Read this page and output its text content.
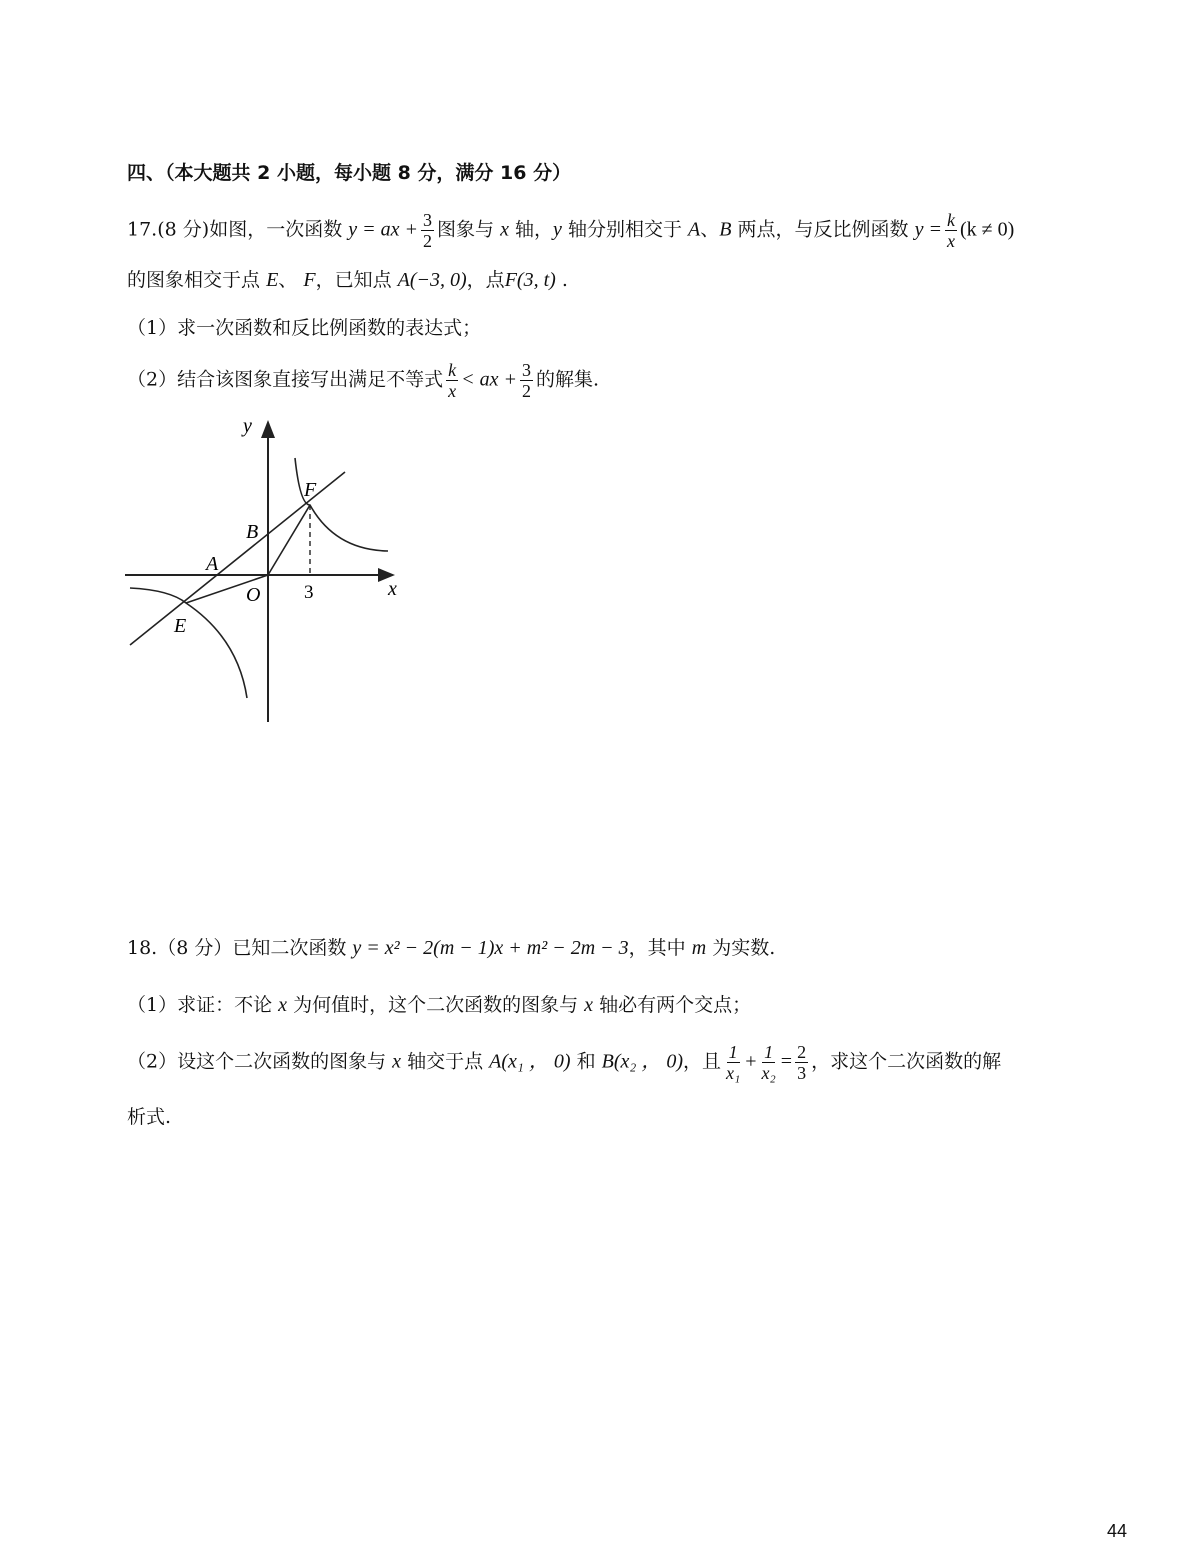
四、（本大题共 2 小题，每小题 8 分，满分 16 分）
17.(8 分)如图，一次函数 y = ax + $\frac{3}{2}$ 图象与 x 轴，y 轴分别相交于 A、B 两点，与反比例函数 $y = \frac{k}{x} (k \ne 0)$
的图象相交于点 E、 F，已知点 A(−3, 0)，点F(3, t) .
（1）求一次函数和反比例函数的表达式；
（2）结合该图象直接写出满足不等式 $\frac{k}{x}$ < ax + $\frac{3}{2}$ 的解集.
y
x
O
A
B
E
F
3
18.（8 分）已知二次函数 y = x² − 2(m − 1)x + m² − 2m − 3，其中 m 为实数.
（1）求证：不论 x 为何值时，这个二次函数的图象与 x 轴必有两个交点；
（2）设这个二次函数的图象与 x 轴交于点 A(x₁ ， 0) 和 B(x₂ ， 0)，且 $\frac{1}{\text{x₁}} + \frac{1}{\text{x₂}} = \frac{2}{3}$ ，求这个二次函数的解
析式.
44
